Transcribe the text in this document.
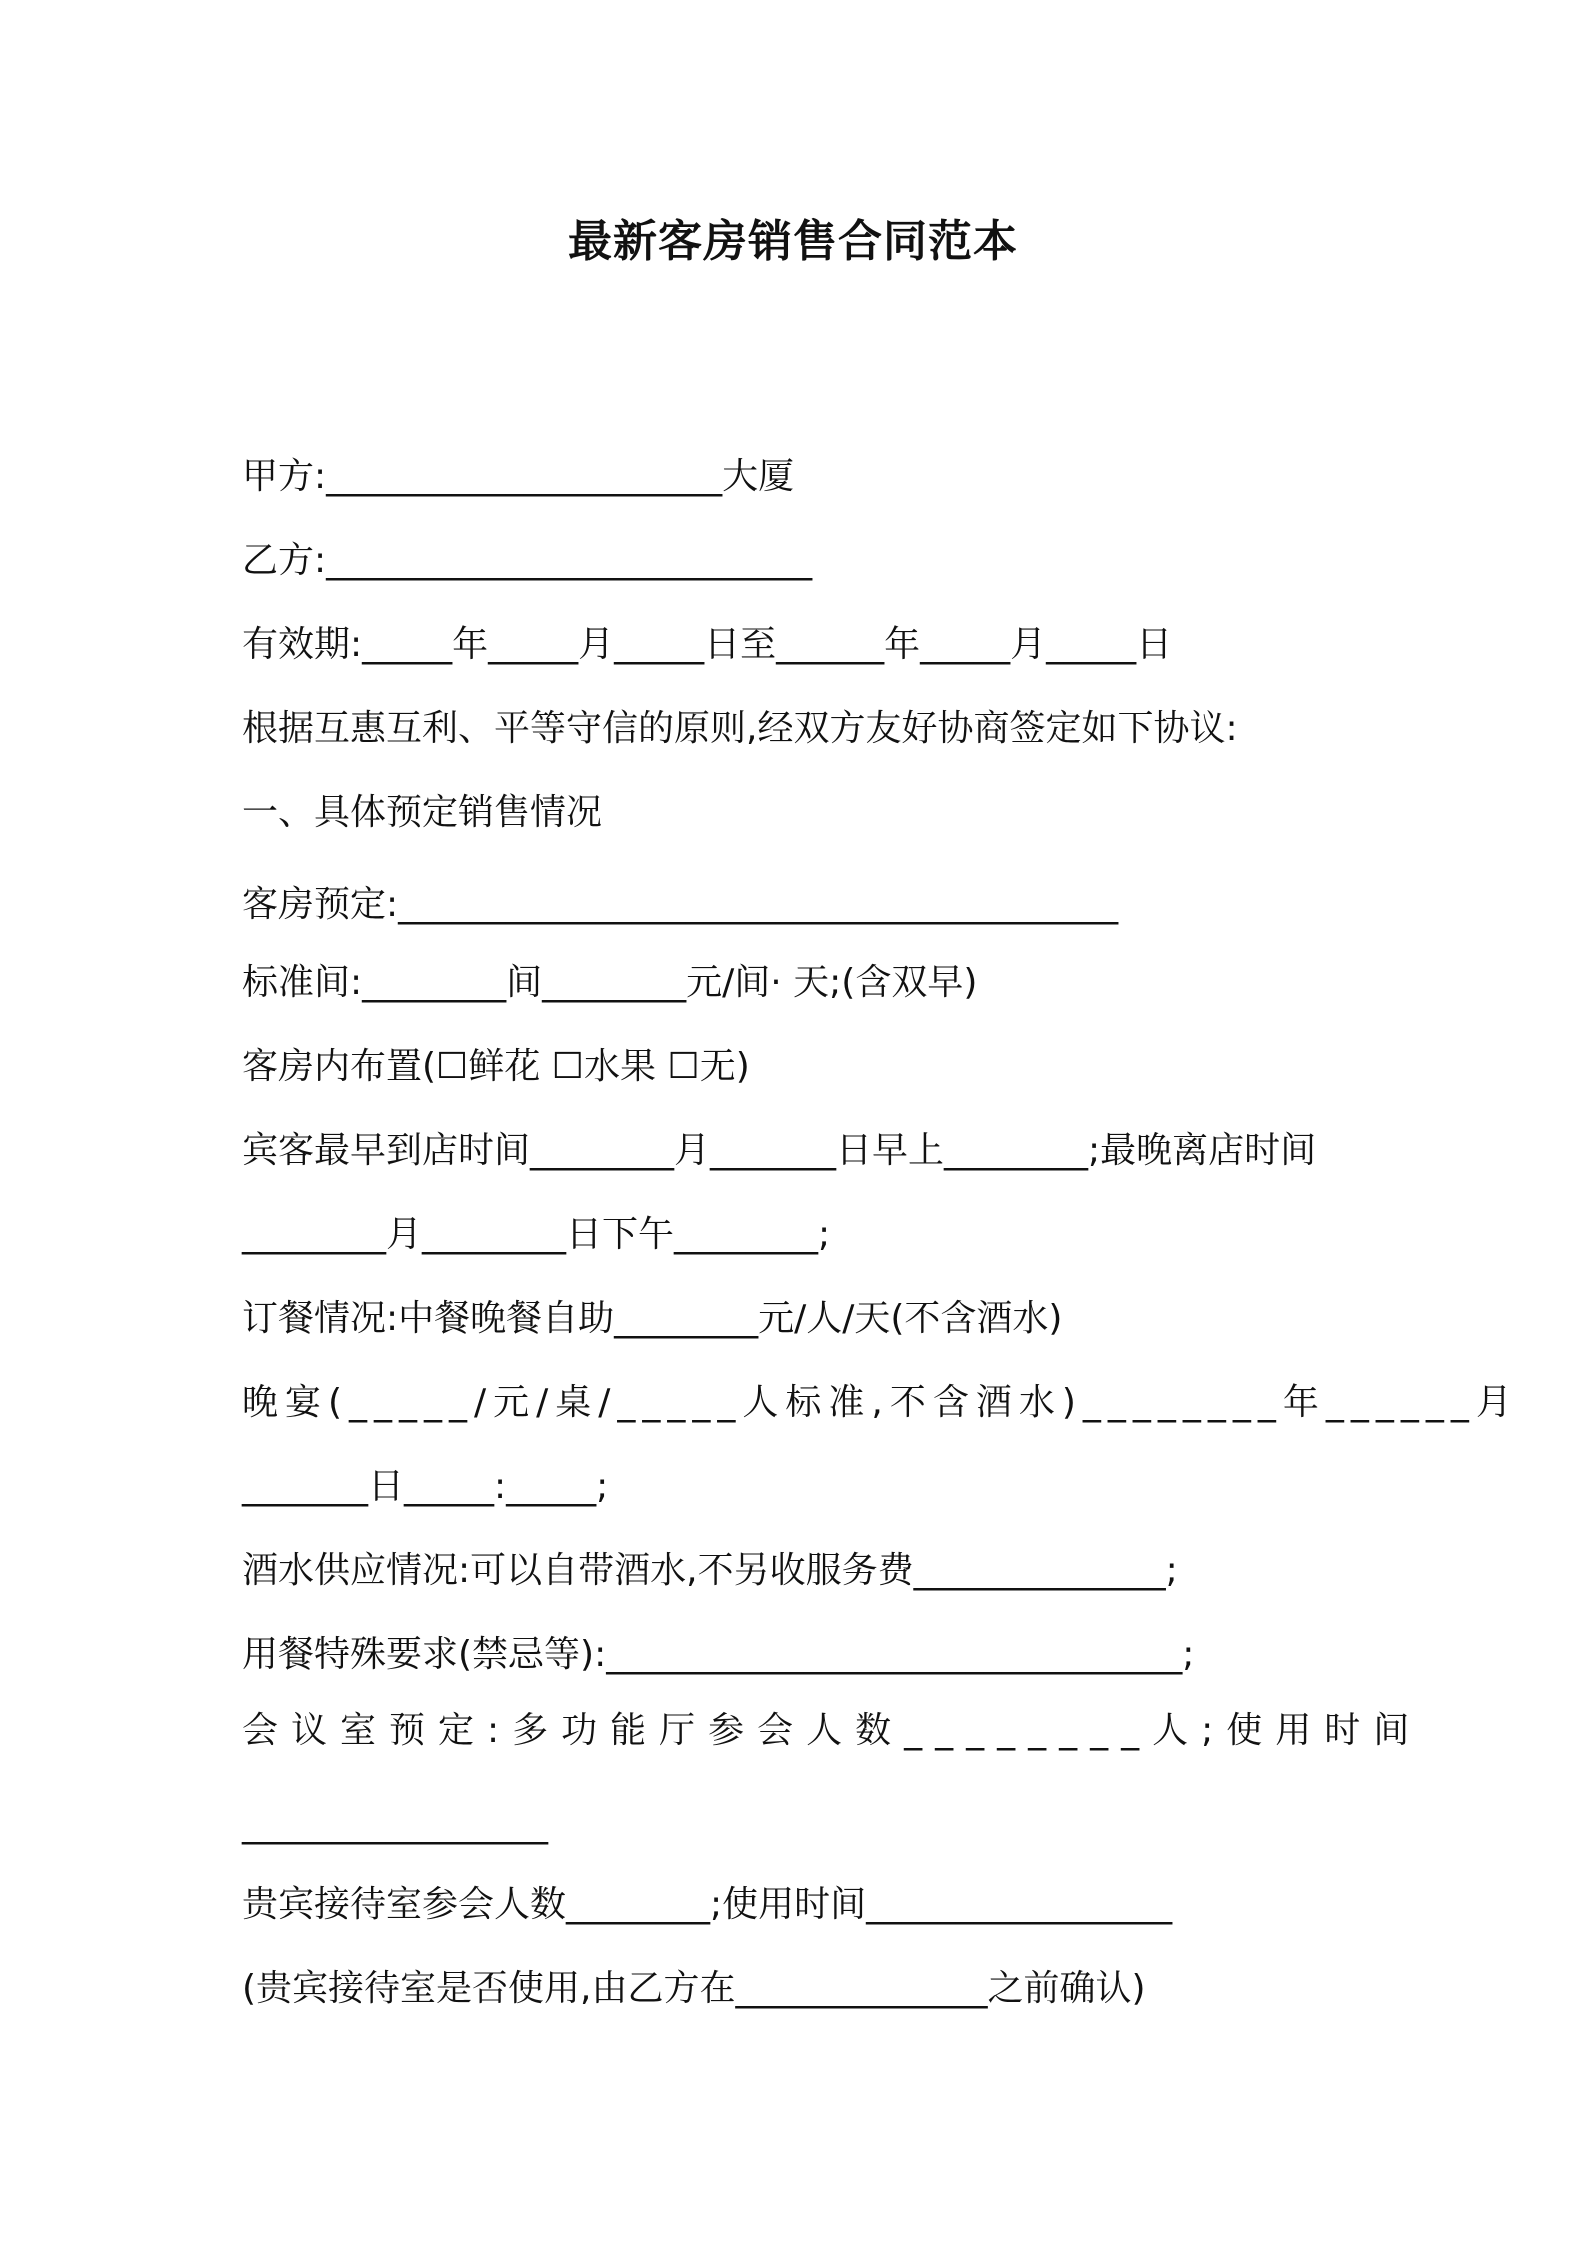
最新客房销售合同范本
甲方:______________________大厦
乙方:___________________________
有效期:_____年_____月_____日至______年_____月_____日
根据互惠互利、平等守信的原则,经双方友好协商签定如下协议:
一、具体预定销售情况
客房预定:________________________________________
标准间:________间________元/间· 天;(含双早)
客房内布置(☐鲜花 ☐水果 ☐无)
宾客最早到店时间________月_______日早上________;最晚离店时间
________月________日下午________;
订餐情况:中餐晚餐自助________元/人/天(不含酒水)
晚宴(_____/元/桌/_____人标准,不含酒水)________年______月
_______日_____:_____;
酒水供应情况:可以自带酒水,不另收服务费______________;
用餐特殊要求(禁忌等):________________________________;
会议室预定:多功能厅参会人数________人;使用时间
_________________
贵宾接待室参会人数________;使用时间_________________
(贵宾接待室是否使用,由乙方在______________之前确认)
